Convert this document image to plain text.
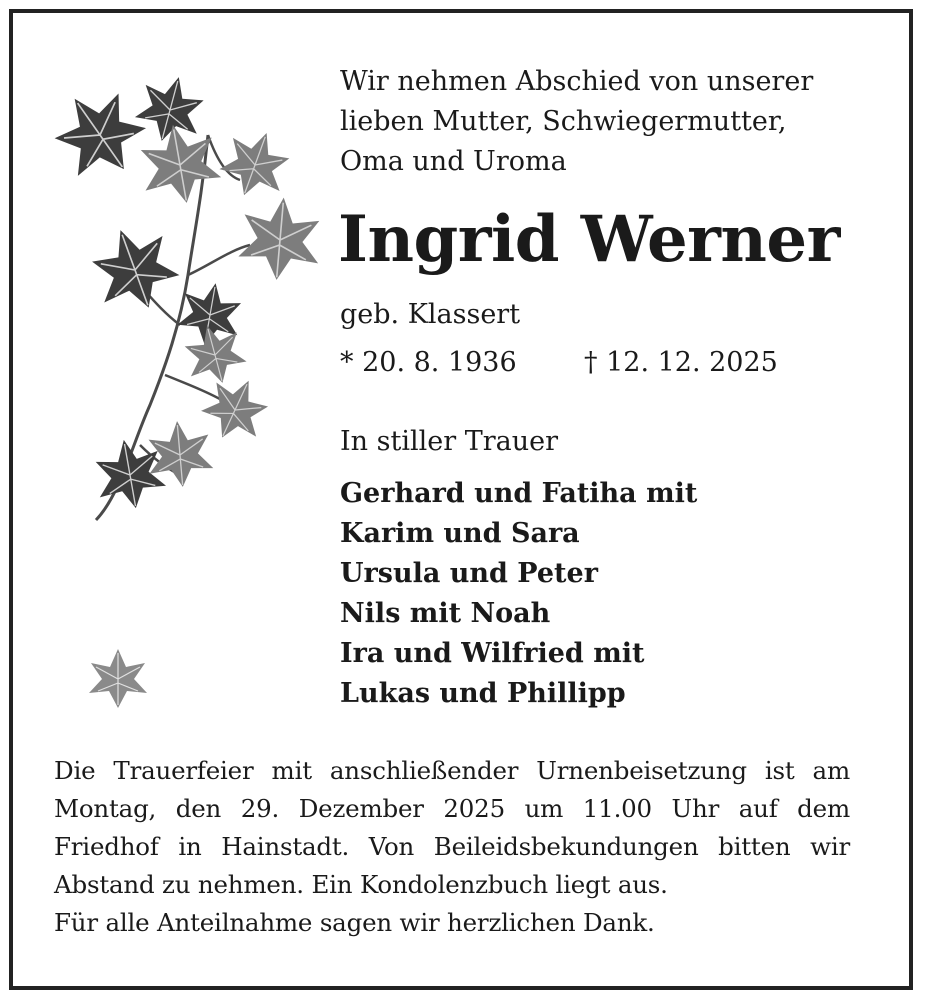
Wir nehmen Abschied von unserer
lieben Mutter, Schwiegermutter,
Oma und Uroma

Ingrid Werner
geb. Klassert
* 20. 8. 1936 † 12. 12. 2025
In stiller Trauer
Gerhard und Fatiha mit
Karim und Sara
Ursula und Peter
Nils mit Noah
Ira und Wilfried mit
Lukas und Phillipp

Die Trauerfeier mit anschließender Urnenbeisetzung ist am Montag, den 29. Dezember 2025 um 11.00 Uhr auf dem Friedhof in Hainstadt. Von Beileidsbekundungen bitten wir Abstand zu nehmen. Ein Kondolenzbuch liegt aus.

Für alle Anteilnahme sagen wir herzlichen Dank.
